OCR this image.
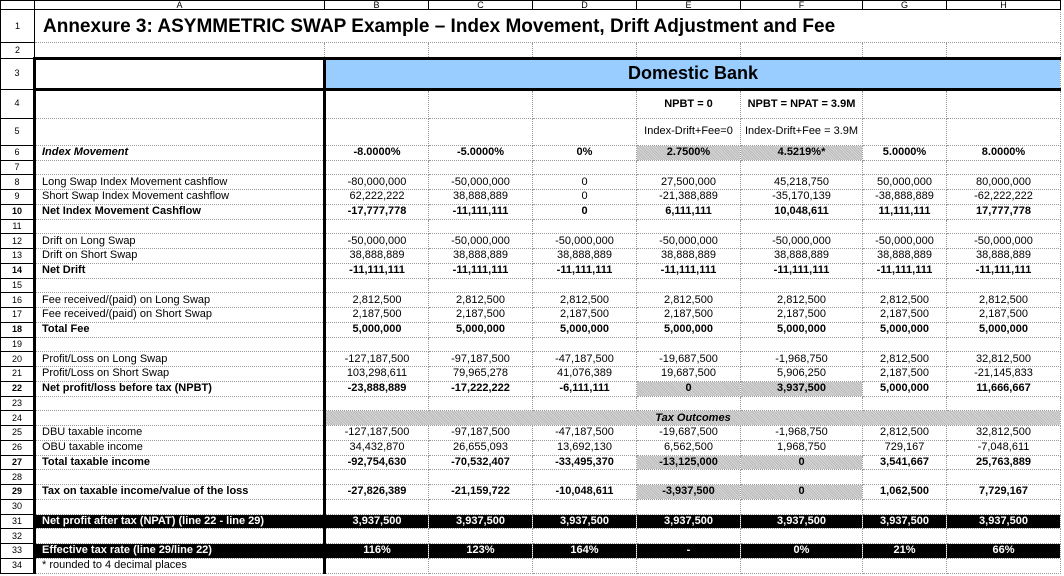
	A	B	C	D	E	F	G	H
1	Annexure 3: ASYMMETRIC SWAP Example – Index Movement, Drift Adjustment and Fee							
2								
3		Domestic Bank						
4					NPBT = 0	NPBT = NPAT = 3.9M		
5					Index-Drift+Fee=0	Index-Drift+Fee = 3.9M		
6	Index Movement	-8.0000%	-5.0000%	0%	2.7500%	4.5219%*	5.0000%	8.0000%
7								
8	Long Swap Index Movement cashflow	-80,000,000	-50,000,000	0	27,500,000	45,218,750	50,000,000	80,000,000
9	Short Swap Index Movement cashflow	62,222,222	38,888,889	0	-21,388,889	-35,170,139	-38,888,889	-62,222,222
10	Net Index Movement Cashflow	-17,777,778	-11,111,111	0	6,111,111	10,048,611	11,111,111	17,777,778
11								
12	Drift on Long Swap	-50,000,000	-50,000,000	-50,000,000	-50,000,000	-50,000,000	-50,000,000	-50,000,000
13	Drift on Short Swap	38,888,889	38,888,889	38,888,889	38,888,889	38,888,889	38,888,889	38,888,889
14	Net Drift	-11,111,111	-11,111,111	-11,111,111	-11,111,111	-11,111,111	-11,111,111	-11,111,111
15								
16	Fee received/(paid) on Long Swap	2,812,500	2,812,500	2,812,500	2,812,500	2,812,500	2,812,500	2,812,500
17	Fee received/(paid) on Short Swap	2,187,500	2,187,500	2,187,500	2,187,500	2,187,500	2,187,500	2,187,500
18	Total Fee	5,000,000	5,000,000	5,000,000	5,000,000	5,000,000	5,000,000	5,000,000
19								
20	Profit/Loss on Long Swap	-127,187,500	-97,187,500	-47,187,500	-19,687,500	-1,968,750	2,812,500	32,812,500
21	Profit/Loss on Short Swap	103,298,611	79,965,278	41,076,389	19,687,500	5,906,250	2,187,500	-21,145,833
22	Net profit/loss before tax (NPBT)	-23,888,889	-17,222,222	-6,111,111	0	3,937,500	5,000,000	11,666,667
23								
24		Tax Outcomes						
25	DBU taxable income	-127,187,500	-97,187,500	-47,187,500	-19,687,500	-1,968,750	2,812,500	32,812,500
26	OBU taxable income	34,432,870	26,655,093	13,692,130	6,562,500	1,968,750	729,167	-7,048,611
27	Total taxable income	-92,754,630	-70,532,407	-33,495,370	-13,125,000	0	3,541,667	25,763,889
28								
29	Tax on taxable income/value of the loss	-27,826,389	-21,159,722	-10,048,611	-3,937,500	0	1,062,500	7,729,167
30								
31	Net profit after tax (NPAT) (line 22 - line 29)	3,937,500	3,937,500	3,937,500	3,937,500	3,937,500	3,937,500	3,937,500
32								
33	Effective tax rate (line 29/line 22)	116%	123%	164%	-	0%	21%	66%
34	* rounded to 4 decimal places							
